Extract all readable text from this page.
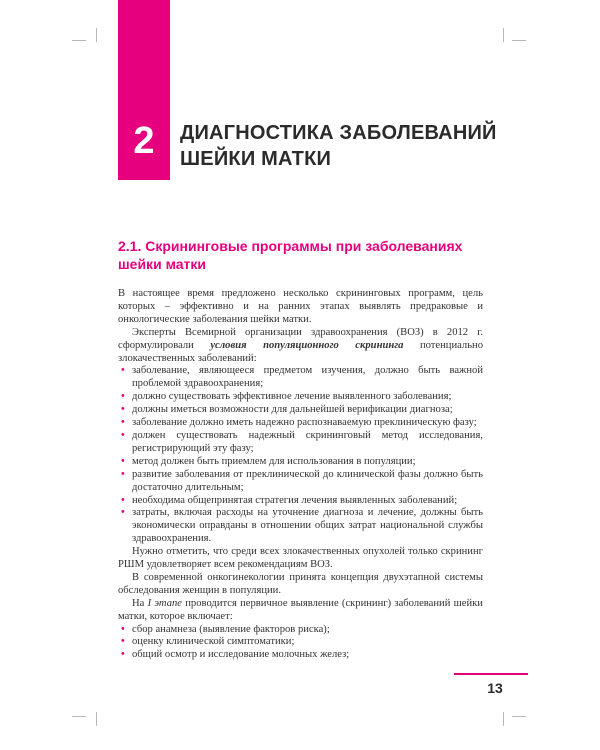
2	ДИАГНОСТИКА ЗАБОЛЕВАНИЙ
ШЕЙКИ МАТКИ
2.1. Скрининговые программы при заболеваниях
шейки матки

В настоящее время предложено несколько скрининговых программ, цель которых – эффективно и на ранних этапах выявлять предраковые и онкологические заболевания шейки матки.

Эксперты Всемирной организации здравоохранения (ВОЗ) в 2012 г. сформулировали условия популяционного скрининга потенциально злокачественных заболеваний:

• заболевание, являющееся предметом изучения, должно быть важной проблемой здравоохранения;
• должно существовать эффективное лечение выявленного заболевания;
• должны иметься возможности для дальнейшей верификации диагноза;
• заболевание должно иметь надежно распознаваемую преклиническую фазу;
• должен существовать надежный скрининговый метод исследования, регистрирующий эту фазу;
• метод должен быть приемлем для использования в популяции;
• развитие заболевания от преклинической до клинической фазы должно быть достаточно длительным;
• необходима общепринятая стратегия лечения выявленных заболеваний;
• затраты, включая расходы на уточнение диагноза и лечение, должны быть экономически оправданы в отношении общих затрат национальной службы здравоохранения.

Нужно отметить, что среди всех злокачественных опухолей только скрининг РШМ удовлетворяет всем рекомендациям ВОЗ.

В современной онкогинекологии принята концепция двухэтапной системы обследования женщин в популяции.

На I этапе проводится первичное выявление (скрининг) заболеваний шейки матки, которое включает:

• сбор анамнеза (выявление факторов риска);
• оценку клинической симптоматики;
• общий осмотр и исследование молочных желез;
13
